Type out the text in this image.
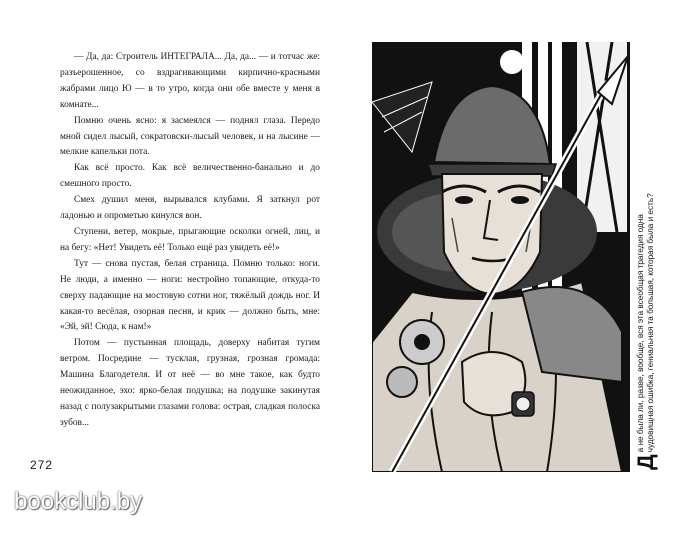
— Да, да: Строитель ИНТЕГРАЛА... Да, да... — и тотчас же: разъерошенное, со вздрагивающими кирпично-красными жабрами лицо Ю — в то утро, когда они обе вместе у меня в комнате...

Помню очень ясно: я засмеялся — поднял глаза. Передо мной сидел лысый, сократовски-лысый человек, и на лысине — мелкие капельки пота.

Как всё просто. Как всё величественно-банально и до смешного просто.

Смех душил меня, вырывался клубами. Я заткнул рот ладонью и опрометью кинулся вон.

Ступени, ветер, мокрые, прыгающие осколки огней, лиц, и на бегу: «Нет! Увидеть её! Только ещё раз увидеть её!»

Тут — снова пустая, белая страница. Помню только: ноги. Не люди, а именно — ноги: нестройно топающие, откуда-то сверху падающие на мостовую сотни ног, тяжёлый дождь ног. И какая-то весёлая, озорная песня, и крик — должно быть, мне: «Эй, эй! Сюда, к нам!»

Потом — пустынная площадь, доверху набитая тугим ветром. Посредине — тусклая, грузная, грозная громада: Машина Благодетеля. И от неё — во мне такое, как будто неожиданное, эхо: ярко-белая подушка; на подушке закинутая назад с полузакрытыми глазами голова: острая, сладкая полоска зубов...

272	Д
а не была ли, разве, вообще, вся эта всеобщая трагедия одна чудовищная ошибка, гениальная та большая, которая была и есть?
bookclub.by
